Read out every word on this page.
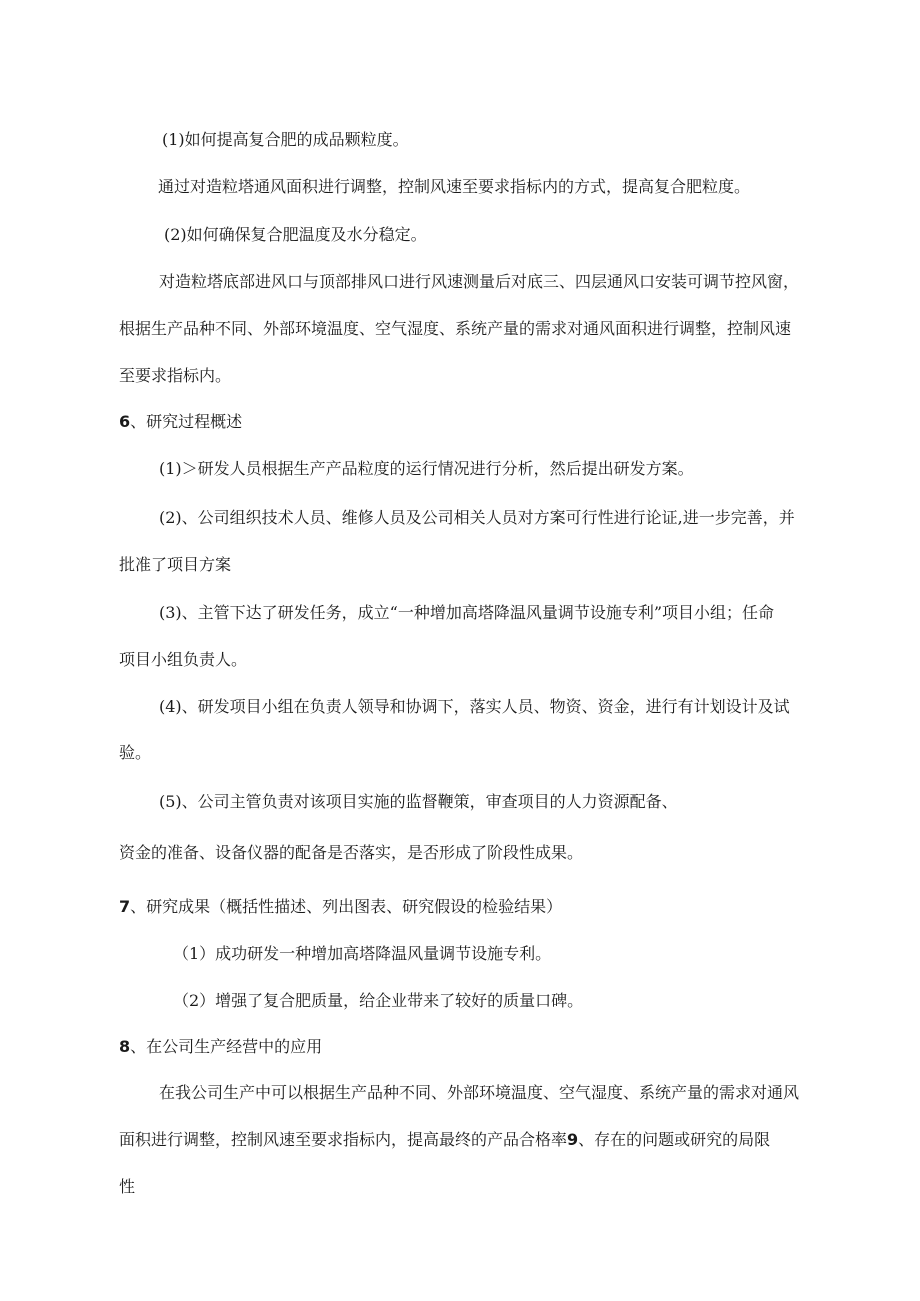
(1)如何提高复合肥的成品颗粒度。
通过对造粒塔通风面积进行调整，控制风速至要求指标内的方式，提高复合肥粒度。
(2)如何确保复合肥温度及水分稳定。
对造粒塔底部进风口与顶部排风口进行风速测量后对底三、四层通风口安装可调节控风窗，
根据生产品种不同、外部环境温度、空气湿度、系统产量的需求对通风面积进行调整，控制风速
至要求指标内。
6、研究过程概述
(1)＞研发人员根据生产产品粒度的运行情况进行分析，然后提出研发方案。
(2)、公司组织技术人员、维修人员及公司相关人员对方案可行性进行论证,进一步完善，并
批准了项目方案
(3)、主管下达了研发任务，成立“一种增加高塔降温风量调节设施专利”项目小组；任命
项目小组负责人。
(4)、研发项目小组在负责人领导和协调下，落实人员、物资、资金，进行有计划设计及试
验。
(5)、公司主管负责对该项目实施的监督鞭策，审查项目的人力资源配备、
资金的准备、设备仪器的配备是否落实，是否形成了阶段性成果。
7、研究成果（概括性描述、列出图表、研究假设的检验结果）
（1）成功研发一种增加高塔降温风量调节设施专利。
（2）增强了复合肥质量，给企业带来了较好的质量口碑。
8、在公司生产经营中的应用
在我公司生产中可以根据生产品种不同、外部环境温度、空气湿度、系统产量的需求对通风
面积进行调整，控制风速至要求指标内，提高最终的产品合格率9、存在的问题或研究的局限
性
